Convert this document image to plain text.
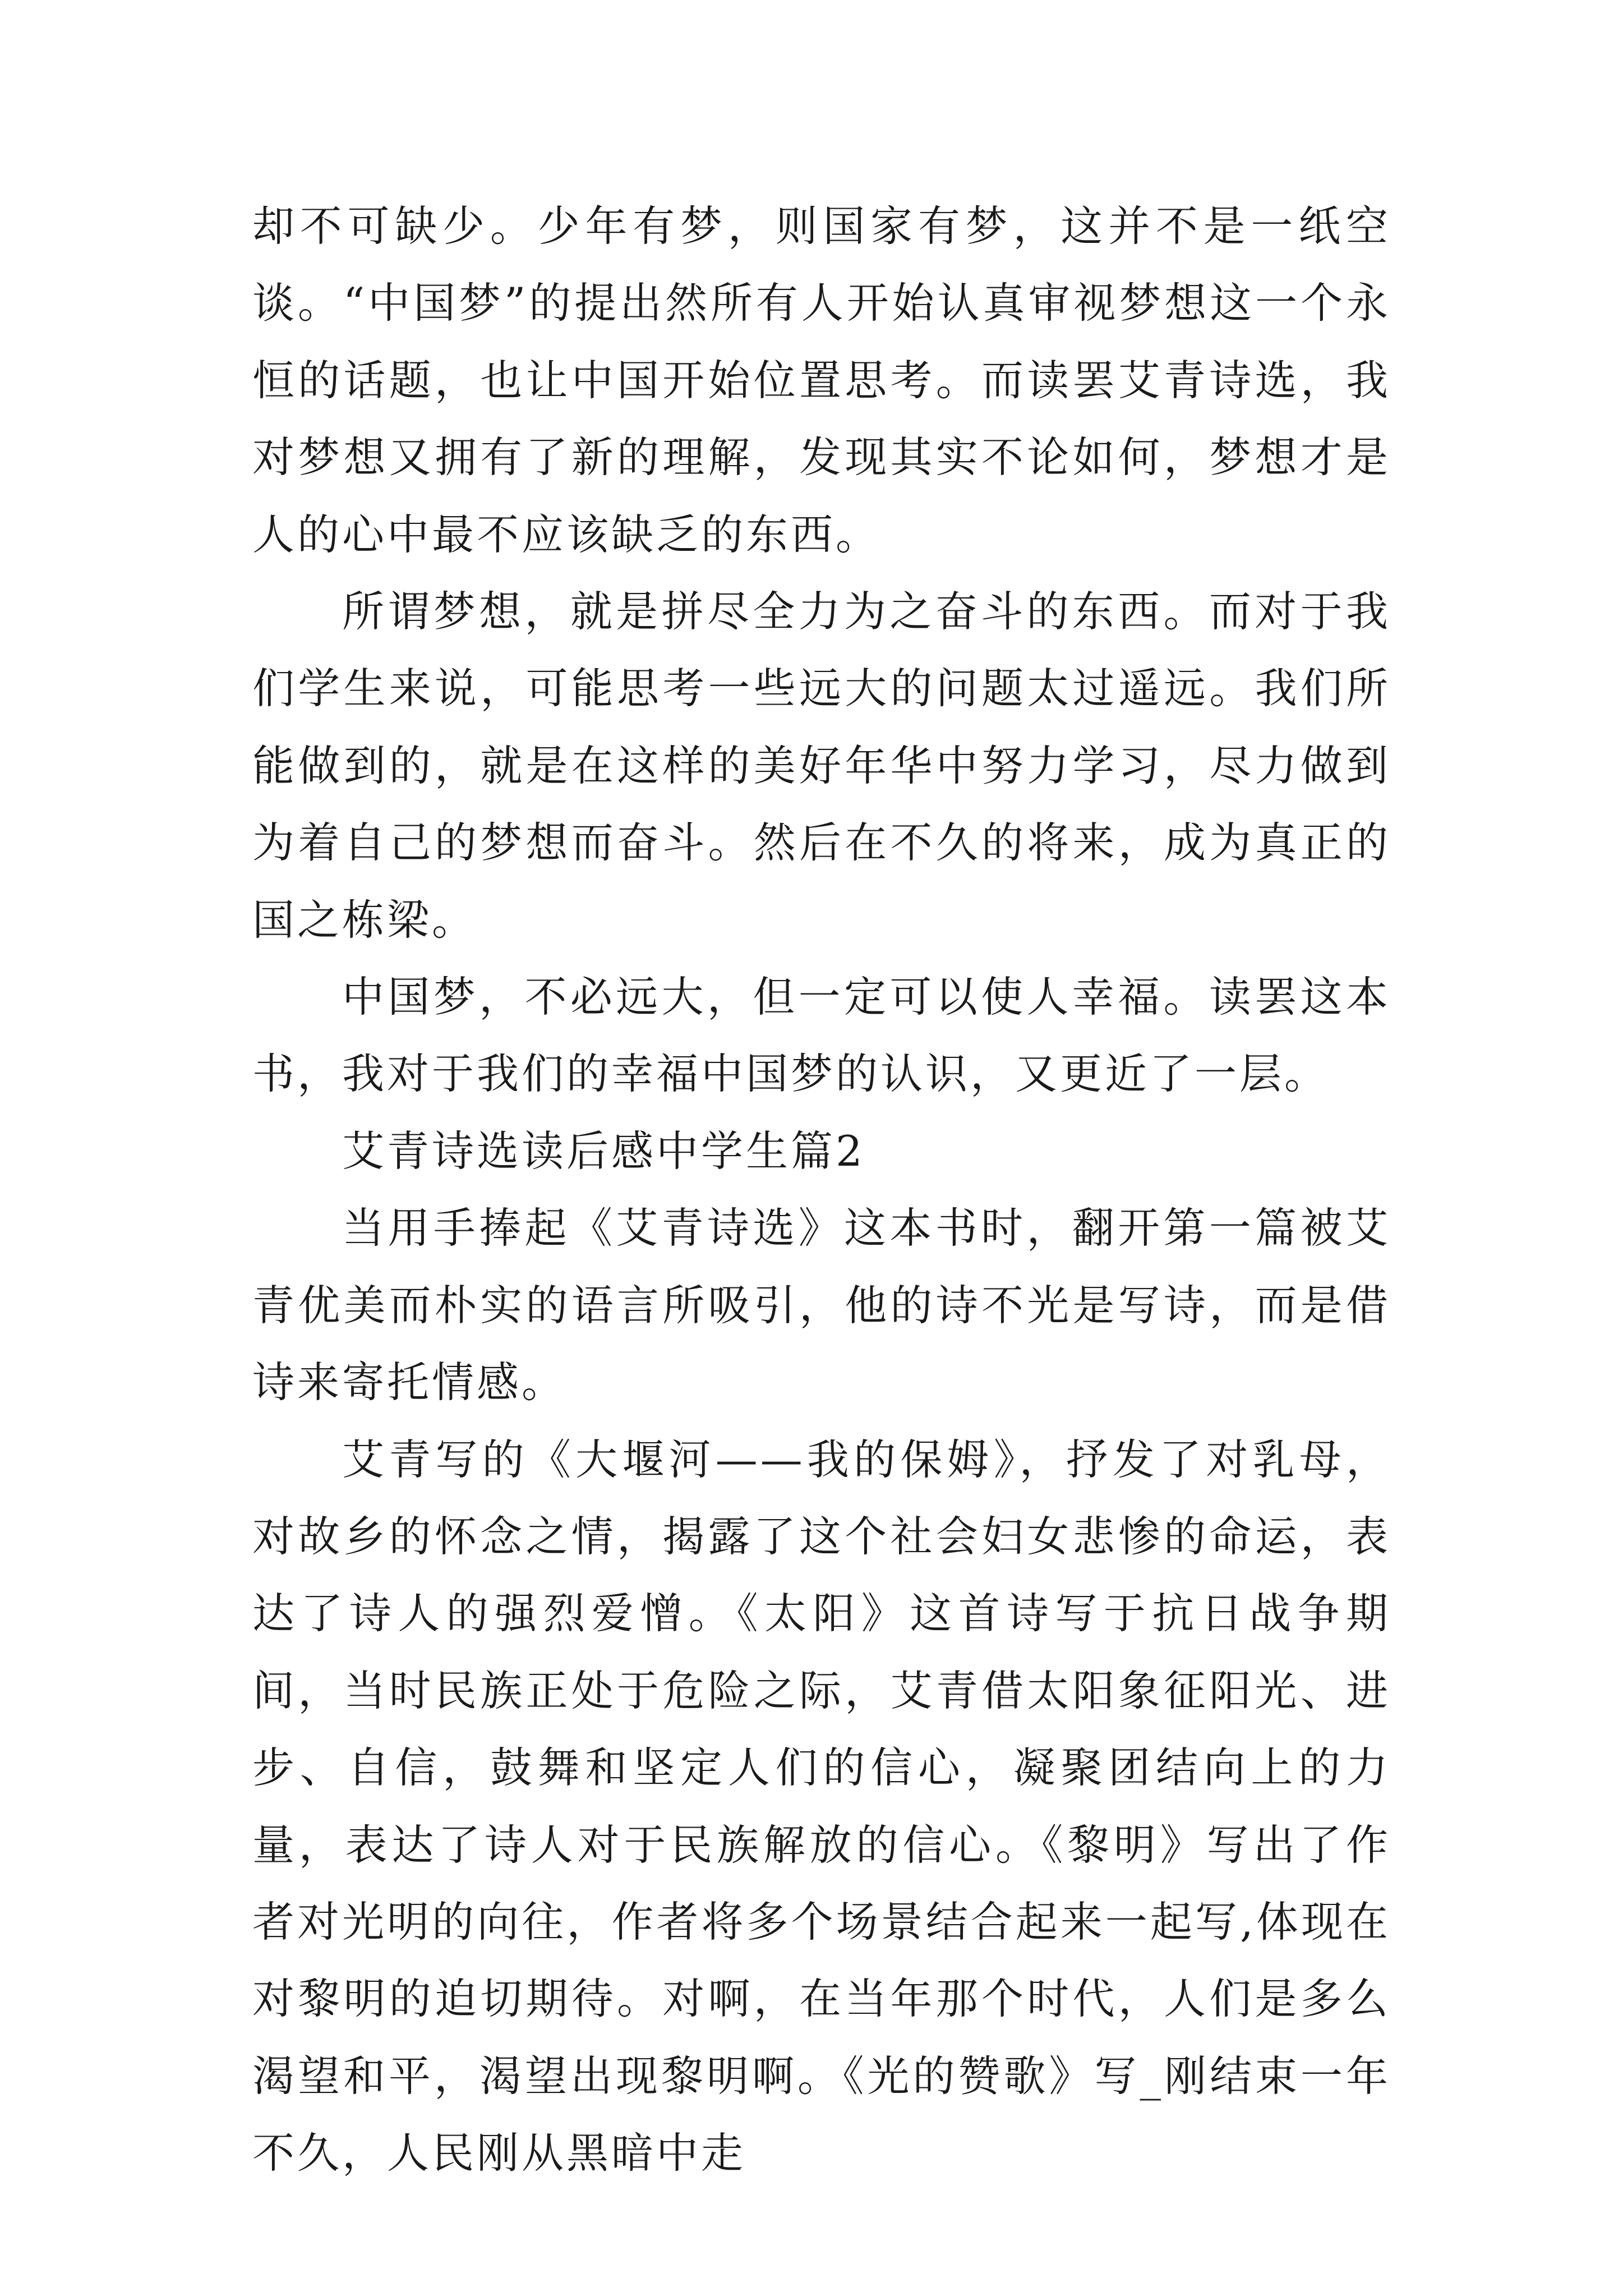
却不可缺少。少年有梦，则国家有梦，这并不是一纸空谈。“中国梦”的提出然所有人开始认真审视梦想这一个永恒的话题，也让中国开始位置思考。而读罢艾青诗选，我对梦想又拥有了新的理解，发现其实不论如何，梦想才是人的心中最不应该缺乏的东西。

所谓梦想，就是拼尽全力为之奋斗的东西。而对于我们学生来说，可能思考一些远大的问题太过遥远。我们所能做到的，就是在这样的美好年华中努力学习，尽力做到为着自己的梦想而奋斗。然后在不久的将来，成为真正的国之栋梁。

中国梦，不必远大，但一定可以使人幸福。读罢这本书，我对于我们的幸福中国梦的认识，又更近了一层。

艾青诗选读后感中学生篇2

当用手捧起《艾青诗选》这本书时，翻开第一篇被艾青优美而朴实的语言所吸引，他的诗不光是写诗，而是借诗来寄托情感。

艾青写的《大堰河——我的保姆》，抒发了对乳母，对故乡的怀念之情，揭露了这个社会妇女悲惨的命运，表达了诗人的强烈爱憎。《太阳》这首诗写于抗日战争期间，当时民族正处于危险之际，艾青借太阳象征阳光、进步、自信，鼓舞和坚定人们的信心，凝聚团结向上的力量，表达了诗人对于民族解放的信心。《黎明》写出了作者对光明的向往，作者将多个场景结合起来一起写,体现在对黎明的迫切期待。对啊，在当年那个时代，人们是多么渴望和平，渴望出现黎明啊。《光的赞歌》写_刚结束一年不久，人民刚从黑暗中走
